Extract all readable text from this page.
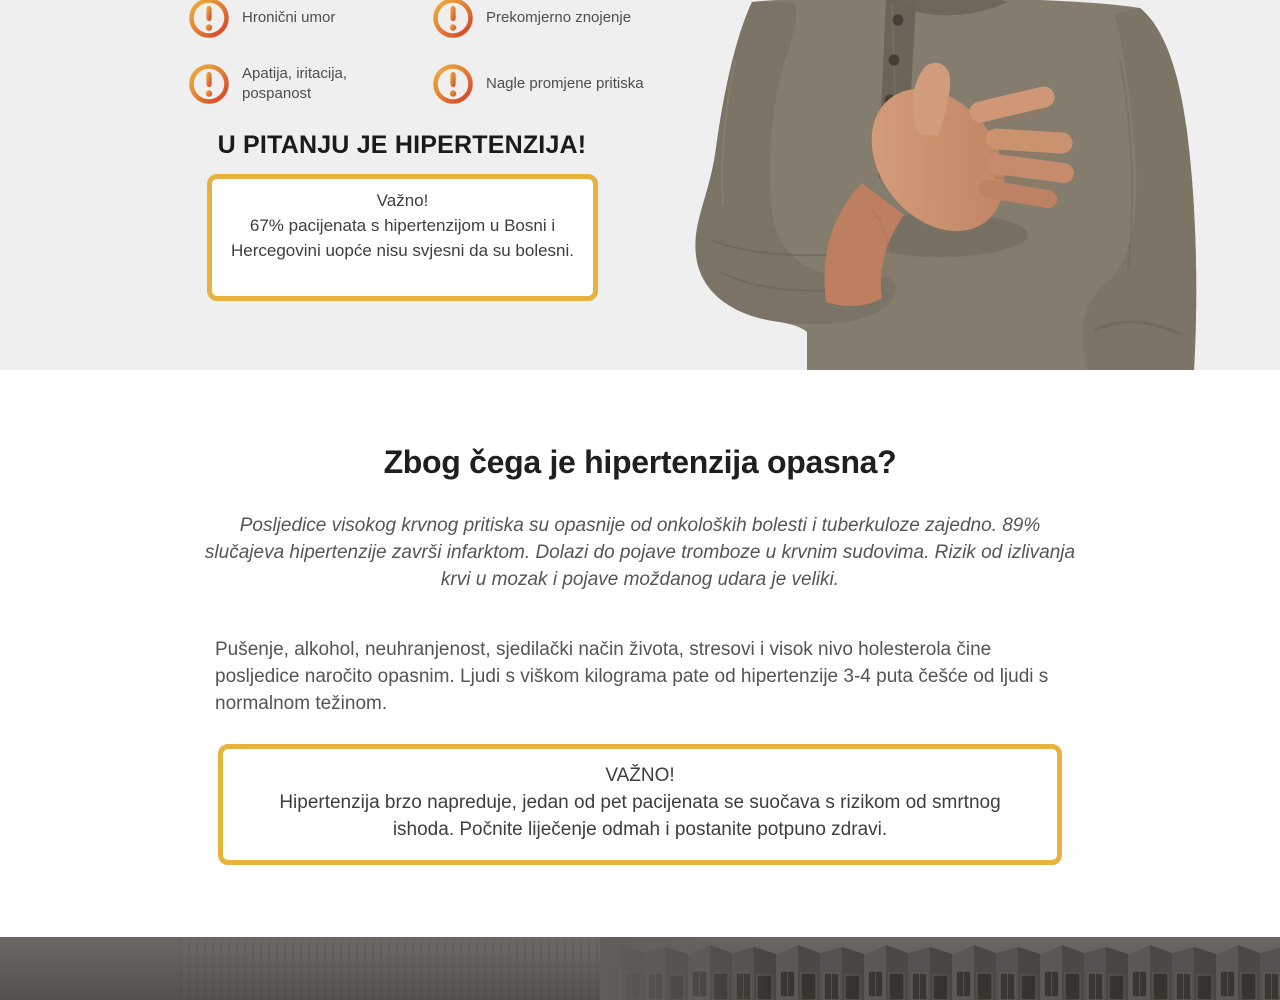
Hronični umor	Prekomjerno znojenje
Apatija, iritacija, pospanost
Nagle promjene pritiska
U PITANJU JE HIPERTENZIJA!
Važno!
67% pacijenata s hipertenzijom u Bosni i Hercegovini uopće nisu svjesni da su bolesni.
Zbog čega je hipertenzija opasna?

Posljedice visokog krvnog pritiska su opasnije od onkoloških bolesti i tuberkuloze zajedno. 89% slučajeva hipertenzije završi infarktom. Dolazi do pojave tromboze u krvnim sudovima. Rizik od izlivanja krvi u mozak i pojave moždanog udara je veliki.

Pušenje, alkohol, neuhranjenost, sjedilački način života, stresovi i visok nivo holesterola čine posljedice naročito opasnim. Ljudi s viškom kilograma pate od hipertenzije 3-4 puta češće od ljudi s normalnom težinom.

VAŽNO!
Hipertenzija brzo napreduje, jedan od pet pacijenata se suočava s rizikom od smrtnog ishoda. Počnite liječenje odmah i postanite potpuno zdravi.
